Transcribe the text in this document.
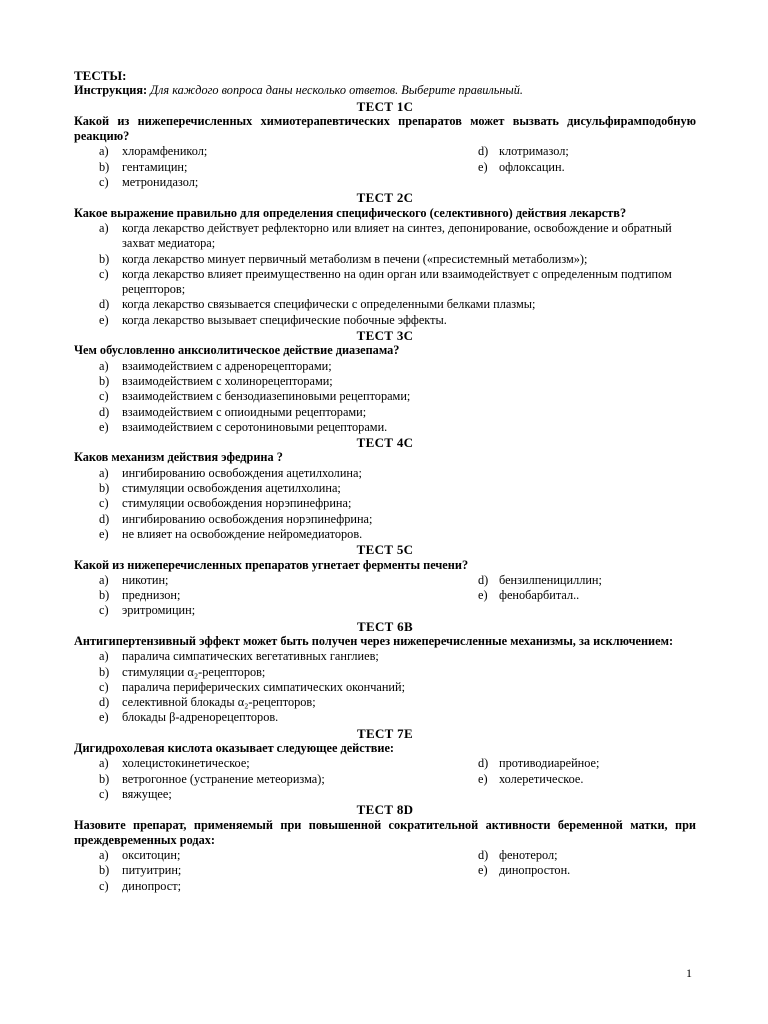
ТЕСТЫ:
Инструкция: Для каждого вопроса даны несколько ответов. Выберите правильный.
ТЕСТ 1С
Какой из нижеперечисленных химиотерапевтических препаратов может вызвать дисульфирамподобную реакцию?
a) хлорамфеникол;
b) гентамицин;
c) метронидазол;
d) клотримазол;
e) офлоксацин.
ТЕСТ 2С
Какое выражение правильно для определения специфического (селективного) действия лекарств?
a) когда лекарство действует рефлекторно или влияет на синтез, депонирование, освобождение и обратный захват медиатора;
b) когда лекарство минует первичный метаболизм в печени («пресистемный метаболизм»);
c) когда лекарство влияет преимущественно на один орган или взаимодействует с определенным подтипом рецепторов;
d) когда лекарство связывается специфически с определенными белками плазмы;
e) когда лекарство вызывает специфические побочные эффекты.
ТЕСТ 3С
Чем обусловленно анксиолитическое действие диазепама?
a) взаимодействием с адренорецепторами;
b) взаимодействием с холинорецепторами;
c) взаимодействием с бензодиазепиновыми рецепторами;
d) взаимодействием с опиоидными рецепторами;
e) взаимодействием с серотониновыми рецепторами.
ТЕСТ 4С
Каков механизм действия эфедрина ?
a) ингибированию освобождения ацетилхолина;
b) стимуляции освобождения ацетилхолина;
c) стимуляции освобождения норэпинефрина;
d) ингибированию освобождения норэпинефрина;
e) не влияет на освобождение нейромедиаторов.
ТЕСТ 5С
Какой из нижеперечисленных препаратов угнетает ферменты печени?
a) никотин;
b) преднизон;
c) эритромицин;
d) бензилпенициллин;
e) фенобарбитал..
ТЕСТ 6В
Антигипертензивный эффект может быть получен через нижеперечисленные механизмы, за исключением:
a) паралича симпатических вегетативных ганглиев;
b) стимуляции α₂-рецепторов;
c) паралича периферических симпатических окончаний;
d) селективной блокады α₂-рецепторов;
e) блокады β-адренорецепторов.
ТЕСТ 7Е
Дигидрохолевая кислота оказывает следующее действие:
a) холецистокинетическое;
b) ветрогонное (устранение метеоризма);
c) вяжущее;
d) противодиарейное;
e) холеретическое.
ТЕСТ 8D
Назовите препарат, применяемый при повышенной сократительной активности беременной матки, при преждевременных родах:
a) окситоцин;
b) питуитрин;
c) динопрост;
d) фенотерол;
e) динопростон.
1
